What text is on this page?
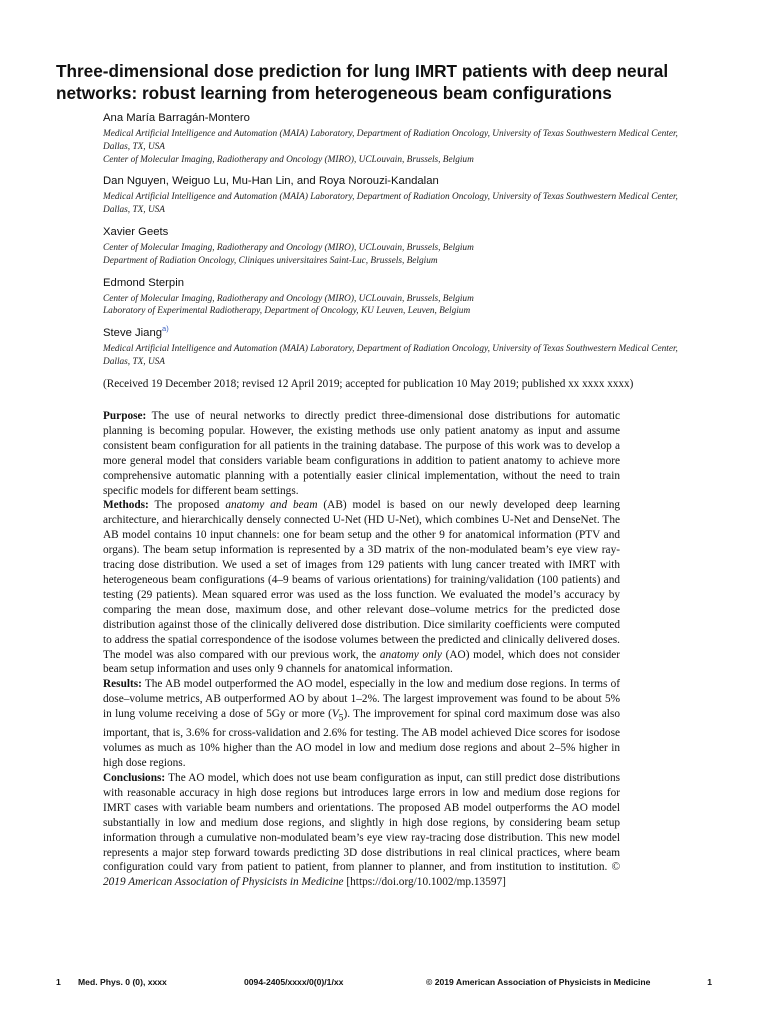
Three-dimensional dose prediction for lung IMRT patients with deep neural networks: robust learning from heterogeneous beam configurations

Ana María Barragán-Montero

Medical Artificial Intelligence and Automation (MAIA) Laboratory, Department of Radiation Oncology, University of Texas Southwestern Medical Center, Dallas, TX, USA

Center of Molecular Imaging, Radiotherapy and Oncology (MIRO), UCLouvain, Brussels, Belgium

Dan Nguyen, Weiguo Lu, Mu-Han Lin, and Roya Norouzi-Kandalan

Medical Artificial Intelligence and Automation (MAIA) Laboratory, Department of Radiation Oncology, University of Texas Southwestern Medical Center, Dallas, TX, USA

Xavier Geets

Center of Molecular Imaging, Radiotherapy and Oncology (MIRO), UCLouvain, Brussels, Belgium

Department of Radiation Oncology, Cliniques universitaires Saint-Luc, Brussels, Belgium

Edmond Sterpin

Center of Molecular Imaging, Radiotherapy and Oncology (MIRO), UCLouvain, Brussels, Belgium

Laboratory of Experimental Radiotherapy, Department of Oncology, KU Leuven, Leuven, Belgium

Steve Jiang$^{a)}$

Medical Artificial Intelligence and Automation (MAIA) Laboratory, Department of Radiation Oncology, University of Texas Southwestern Medical Center, Dallas, TX, USA

(Received 19 December 2018; revised 12 April 2019; accepted for publication 10 May 2019; published xx xxxx xxxx)

Purpose: The use of neural networks to directly predict three-dimensional dose distributions for automatic planning is becoming popular. However, the existing methods use only patient anatomy as input and assume consistent beam configuration for all patients in the training database. The purpose of this work was to develop a more general model that considers variable beam configurations in addition to patient anatomy to achieve more comprehensive automatic planning with a potentially easier clinical implementation, without the need to train specific models for different beam settings.

Methods: The proposed anatomy and beam (AB) model is based on our newly developed deep learning architecture, and hierarchically densely connected U-Net (HD U-Net), which combines U-Net and DenseNet. The AB model contains 10 input channels: one for beam setup and the other 9 for anatomical information (PTV and organs). The beam setup information is represented by a 3D matrix of the non-modulated beam’s eye view ray-tracing dose distribution. We used a set of images from 129 patients with lung cancer treated with IMRT with heterogeneous beam configurations (4–9 beams of various orientations) for training/validation (100 patients) and testing (29 patients). Mean squared error was used as the loss function. We evaluated the model’s accuracy by comparing the mean dose, maximum dose, and other relevant dose–volume metrics for the predicted dose distribution against those of the clinically delivered dose distribution. Dice similarity coefficients were computed to address the spatial correspondence of the isodose volumes between the predicted and clinically delivered doses. The model was also compared with our previous work, the anatomy only (AO) model, which does not consider beam setup information and uses only 9 channels for anatomical information.

Results: The AB model outperformed the AO model, especially in the low and medium dose regions. In terms of dose–volume metrics, AB outperformed AO by about 1–2%. The largest improvement was found to be about 5% in lung volume receiving a dose of 5Gy or more $(V_5)$. The improvement for spinal cord maximum dose was also important, that is, 3.6% for cross-validation and 2.6% for testing. The AB model achieved Dice scores for isodose volumes as much as 10% higher than the AO model in low and medium dose regions and about 2–5% higher in high dose regions.

Conclusions: The AO model, which does not use beam configuration as input, can still predict dose distributions with reasonable accuracy in high dose regions but introduces large errors in low and medium dose regions for IMRT cases with variable beam numbers and orientations. The proposed AB model outperforms the AO model substantially in low and medium dose regions, and slightly in high dose regions, by considering beam setup information through a cumulative non-modulated beam’s eye view ray-tracing dose distribution. This new model represents a major step forward towards predicting 3D dose distributions in real clinical practices, where beam configuration could vary from patient to patient, from planner to planner, and from institution to institution. © 2019 American Association of Physicists in Medicine [https://doi.org/10.1002/mp.13597]

1 Med. Phys. 0 (0), xxxx	0094-2405/xxxx/0(0)/1/xx	© 2019 American Association of Physicists in Medicine	1
